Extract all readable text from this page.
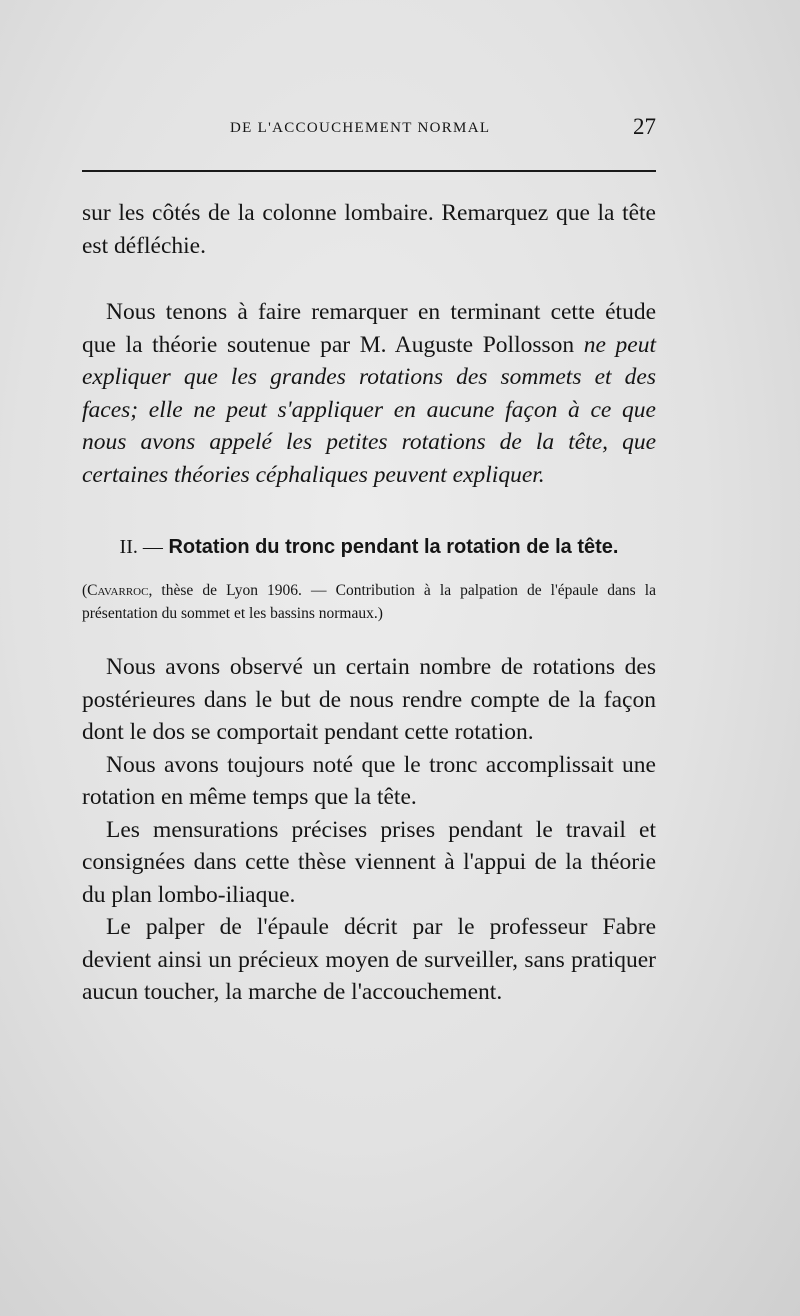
DE L'ACCOUCHEMENT NORMAL	27

sur les côtés de la colonne lombaire. Remarquez que la tête est défléchie.

Nous tenons à faire remarquer en terminant cette étude que la théorie soutenue par M. Auguste Pollosson ne peut expliquer que les grandes rotations des sommets et des faces; elle ne peut s'appliquer en aucune façon à ce que nous avons appelé les petites rotations de la tête, que certaines théories céphaliques peuvent expliquer.

II. — Rotation du tronc pendant la rotation de la tête.

(Cavarroc, thèse de Lyon 1906. — Contribution à la palpation de l'épaule dans la présentation du sommet et les bassins normaux.)

Nous avons observé un certain nombre de rotations des postérieures dans le but de nous rendre compte de la façon dont le dos se comportait pendant cette rotation.

Nous avons toujours noté que le tronc accomplissait une rotation en même temps que la tête.

Les mensurations précises prises pendant le travail et consignées dans cette thèse viennent à l'appui de la théorie du plan lombo-iliaque.

Le palper de l'épaule décrit par le professeur Fabre devient ainsi un précieux moyen de surveiller, sans pratiquer aucun toucher, la marche de l'accouchement.
